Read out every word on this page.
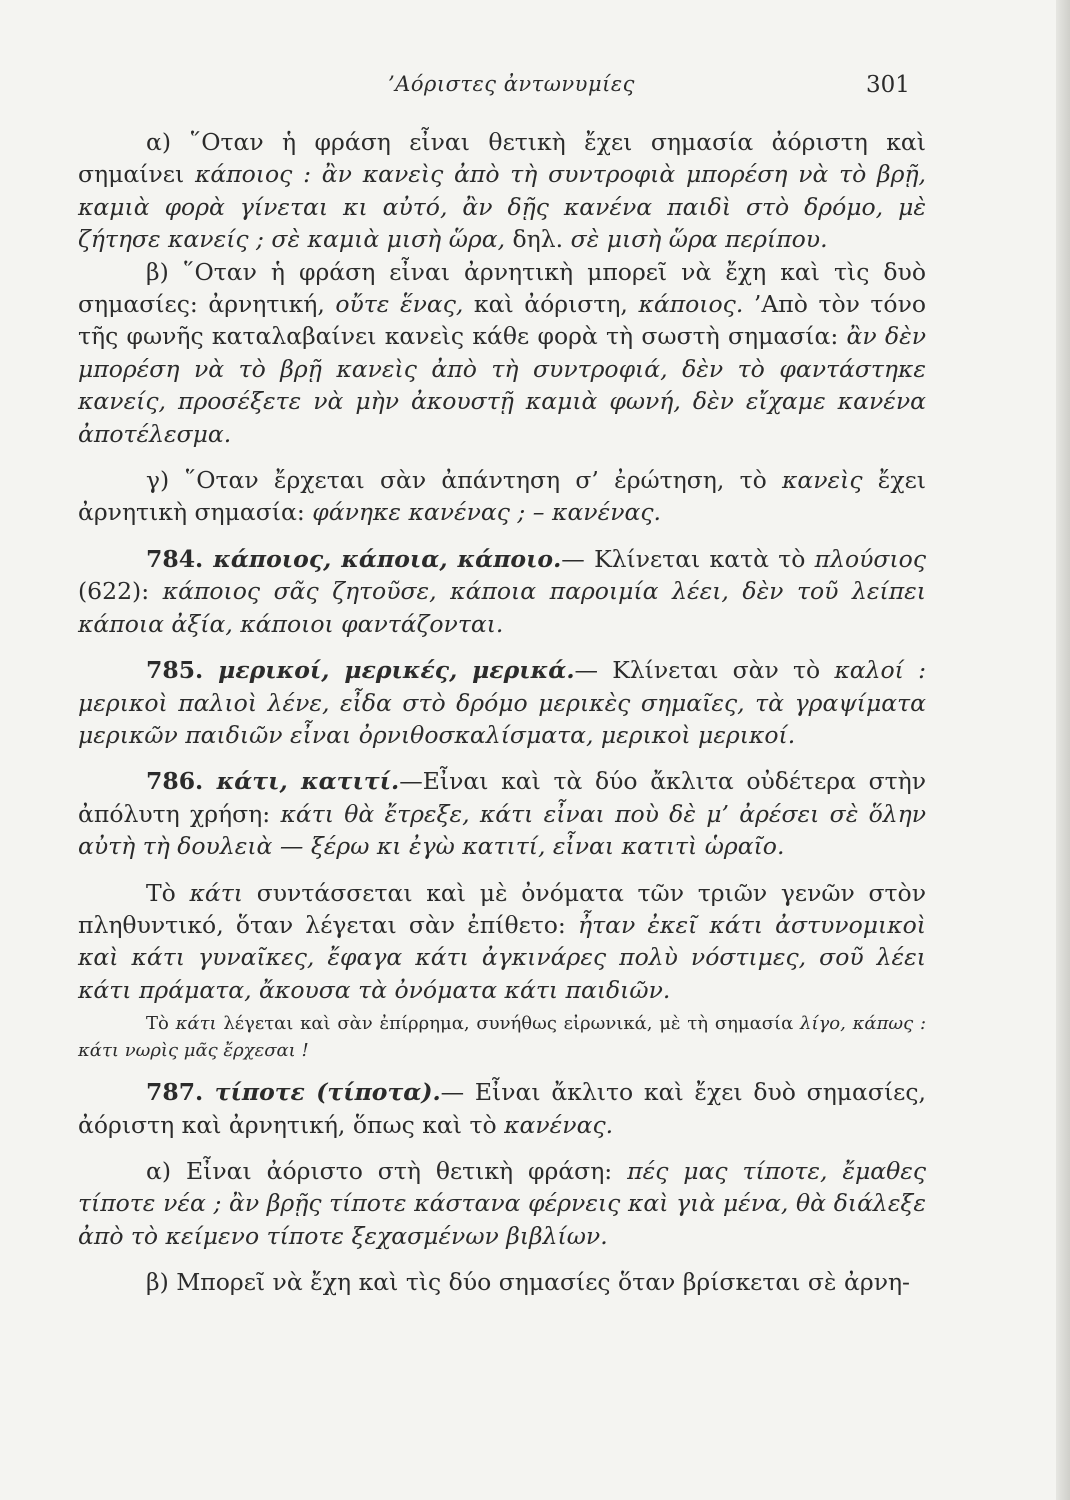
’Αόριστες ἀντωνυμίες	301

α) ῞Οταν ἡ φράση εἶναι θετικὴ ἔχει σημασία ἀόριστη καὶ σημαίνει κάποιος : ἂν κανεὶς ἀπὸ τὴ συντροφιὰ μπορέση νὰ τὸ βρῇ, καμιὰ φορὰ γίνεται κι αὐτό, ἂν δῇς κανένα παιδὶ στὸ δρόμο, μὲ ζήτησε κανείς ; σὲ καμιὰ μισὴ ὥρα, δηλ. σὲ μισὴ ὥρα περίπου.

β) ῞Οταν ἡ φράση εἶναι ἀρνητικὴ μπορεῖ νὰ ἔχη καὶ τὶς δυὸ σημασίες: ἀρνητική, οὔτε ἕνας, καὶ ἀόριστη, κάποιος. ’Απὸ τὸν τόνο τῆς φωνῆς καταλαβαίνει κανεὶς κάθε φορὰ τὴ σωστὴ σημασία: ἂν δὲν μπορέση νὰ τὸ βρῇ κανεὶς ἀπὸ τὴ συντροφιά, δὲν τὸ φαντάστηκε κανείς, προσέξετε νὰ μὴν ἀκουστῇ καμιὰ φωνή, δὲν εἴχαμε κανένα ἀποτέλεσμα.

γ) ῞Οταν ἔρχεται σὰν ἀπάντηση σ’ ἐρώτηση, τὸ κανεὶς ἔχει ἀρνητικὴ σημασία: φάνηκε κανένας ; – κανένας.

784. κάποιος, κάποια, κάποιο.— Κλίνεται κατὰ τὸ πλούσιος (622): κάποιος σᾶς ζητοῦσε, κάποια παροιμία λέει, δὲν τοῦ λείπει κάποια ἀξία, κάποιοι φαντάζονται.

785. μερικοί, μερικές, μερικά.— Κλίνεται σὰν τὸ καλοί : μερικοὶ παλιοὶ λένε, εἶδα στὸ δρόμο μερικὲς σημαῖες, τὰ γραψίματα μερικῶν παιδιῶν εἶναι ὀρνιθοσκαλίσματα, μερικοὶ μερικοί.

786. κάτι, κατιτί.—Εἶναι καὶ τὰ δύο ἄκλιτα οὐδέτερα στὴν ἀπόλυτη χρήση: κάτι θὰ ἔτρεξε, κάτι εἶναι ποὺ δὲ μ’ ἀρέσει σὲ ὅλην αὐτὴ τὴ δουλειὰ — ξέρω κι ἐγὼ κατιτί, εἶναι κατιτὶ ὡραῖο.

Τὸ κάτι συντάσσεται καὶ μὲ ὀνόματα τῶν τριῶν γενῶν στὸν πληθυντικό, ὅταν λέγεται σὰν ἐπίθετο: ἦταν ἐκεῖ κάτι ἀστυνομικοὶ καὶ κάτι γυναῖκες, ἔφαγα κάτι ἀγκινάρες πολὺ νόστιμες, σοῦ λέει κάτι πράματα, ἄκουσα τὰ ὀνόματα κάτι παιδιῶν.

Τὸ κάτι λέγεται καὶ σὰν ἐπίρρημα, συνήθως εἰρωνικά, μὲ τὴ σημασία λίγο, κάπως : κάτι νωρὶς μᾶς ἔρχεσαι !

787. τίποτε (τίποτα).— Εἶναι ἄκλιτο καὶ ἔχει δυὸ σημασίες, ἀόριστη καὶ ἀρνητική, ὅπως καὶ τὸ κανένας.

α) Εἶναι ἀόριστο στὴ θετικὴ φράση: πές μας τίποτε, ἔμαθες τίποτε νέα ; ἂν βρῇς τίποτε κάστανα φέρνεις καὶ γιὰ μένα, θὰ διάλεξε ἀπὸ τὸ κείμενο τίποτε ξεχασμένων βιβλίων.

β) Μπορεῖ νὰ ἔχη καὶ τὶς δύο σημασίες ὅταν βρίσκεται σὲ ἀρνη-
